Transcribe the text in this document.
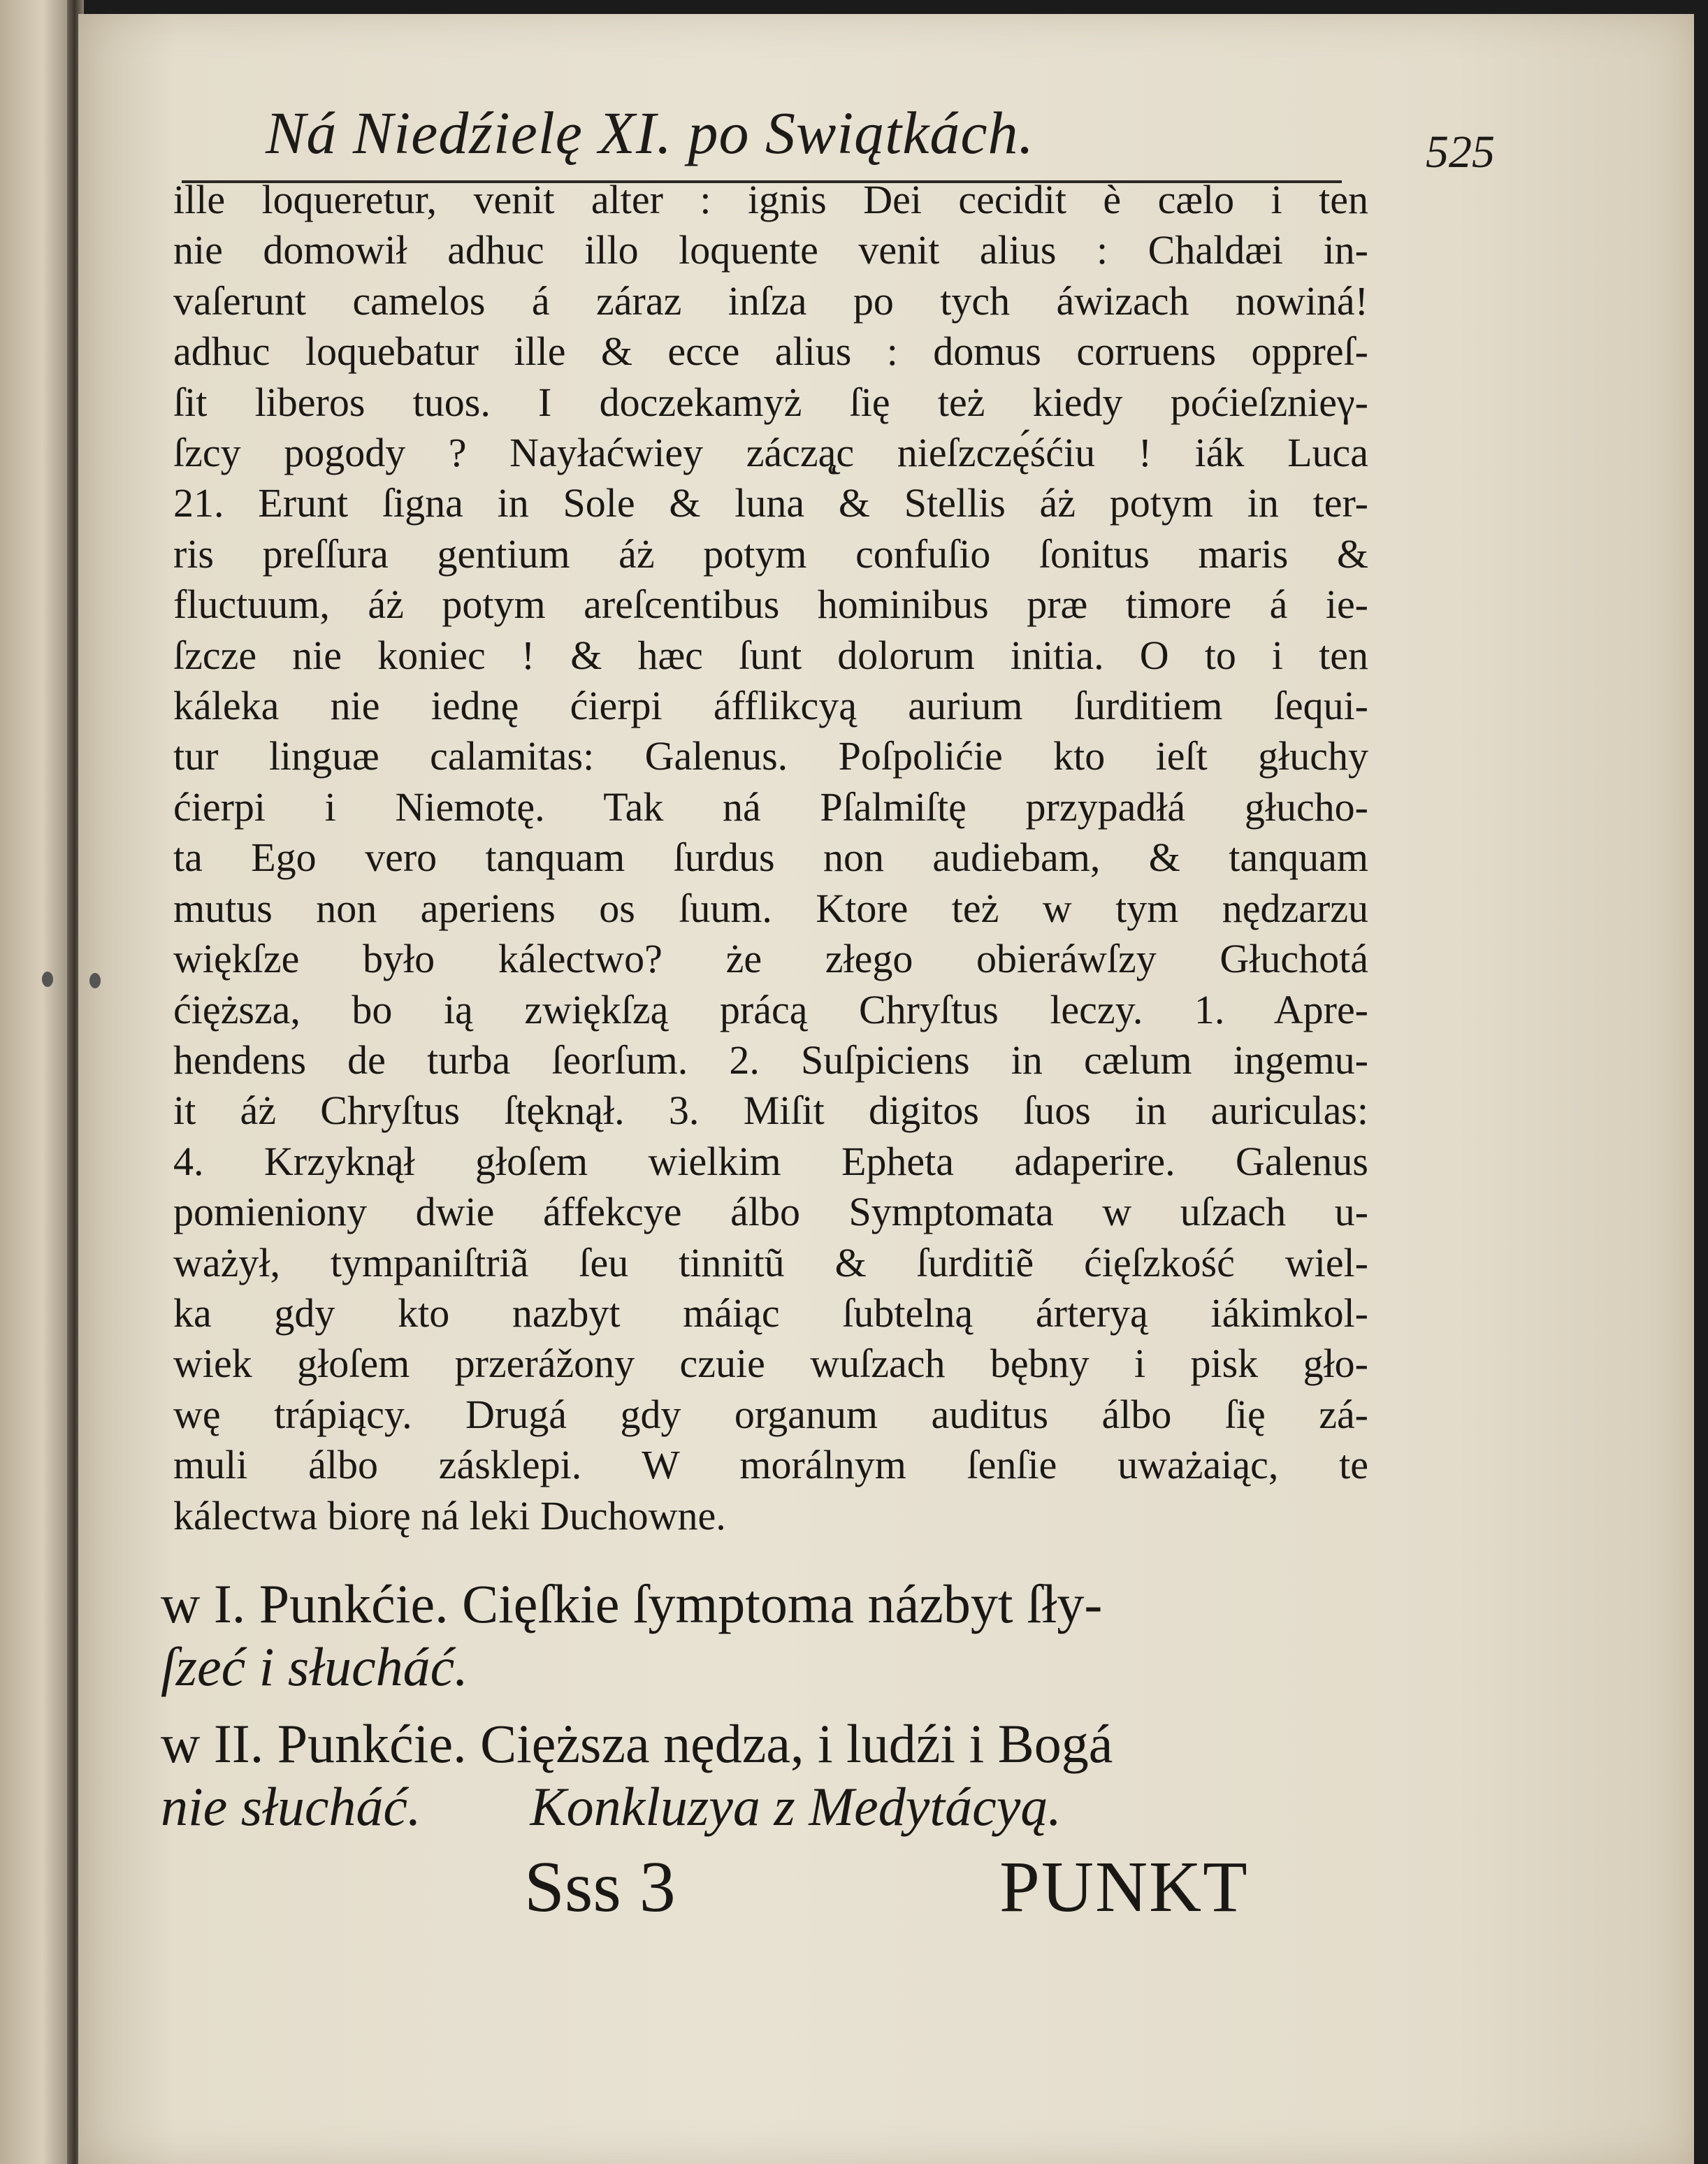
Ná Niedźielę XI. po Swiątkách.	525
ille loqueretur, venit alter : ignis Dei cecidit è cælo i ten
nie domowił adhuc illo loquente venit alius : Chaldæi in-
vaſerunt camelos á záraz inſza po tych áwizach nowiná!
adhuc loquebatur ille & ecce alius : domus corruens oppreſ-
ſit liberos tuos. I doczekamyż ſię też kiedy poćieſznieγ-
ſzcy pogody ? Nayłaćwiey záczą̨c nieſzczę́śćiu ! iák Luca
21. Erunt ſigna in Sole & luna & Stellis áż potym in ter-
ris preſſura gentium áż potym confuſio ſonitus maris &
fluctuum, áż potym areſcentibus hominibus præ timore á ie-
ſzcze nie koniec ! & hæc ſunt dolorum initia. O to i ten
káleka nie iednę ćierpi áfflikcyą aurium ſurditiem ſequi-
tur linguæ calamitas: Galenus. Poſpolićie kto ieſt głuchy
ćierpi i Niemotę. Tak ná Pſalmiſtę przypadłá głucho-
ta Ego vero tanquam ſurdus non audiebam, & tanquam
mutus non aperiens os ſuum. Ktore też w tym nędzarzu
więkſze było kálectwo? że złego obieráwſzy Głuchotá
ćięższa, bo ią zwiękſzą prácą Chryſtus leczy. 1. Apre-
hendens de turba ſeorſum. 2. Suſpiciens in cælum ingemu-
it áż Chryſtus ſtęknął. 3. Miſit digitos ſuos in auriculas:
4. Krzyknął głoſem wielkim Epheta adaperire. Galenus
pomieniony dwie áffekcye álbo Symptomata w uſzach u-
ważył, tympaniſtriã ſeu tinnitũ & ſurditiẽ ćięſzkość wiel-
ka gdy kto nazbyt máiąc ſubtelną árteryą iákimkol-
wiek głoſem przerážony czuie wuſzach bębny i pisk gło-
wę trápiący. Drugá gdy organum auditus álbo ſię zá-
muli álbo zásklepi. W morálnym ſenſie uważaiąc, te
kálectwa biorę ná leki Duchowne.
w I. Punkćie. Cięſkie ſymptoma názbyt ſły-
ſzeć i słucháć.
w II. Punkćie. Cięższa nędza, i ludźi i Bogá
nie słucháć.        Konkluzya z Medytácyą.
Sss 3	PUNKT
